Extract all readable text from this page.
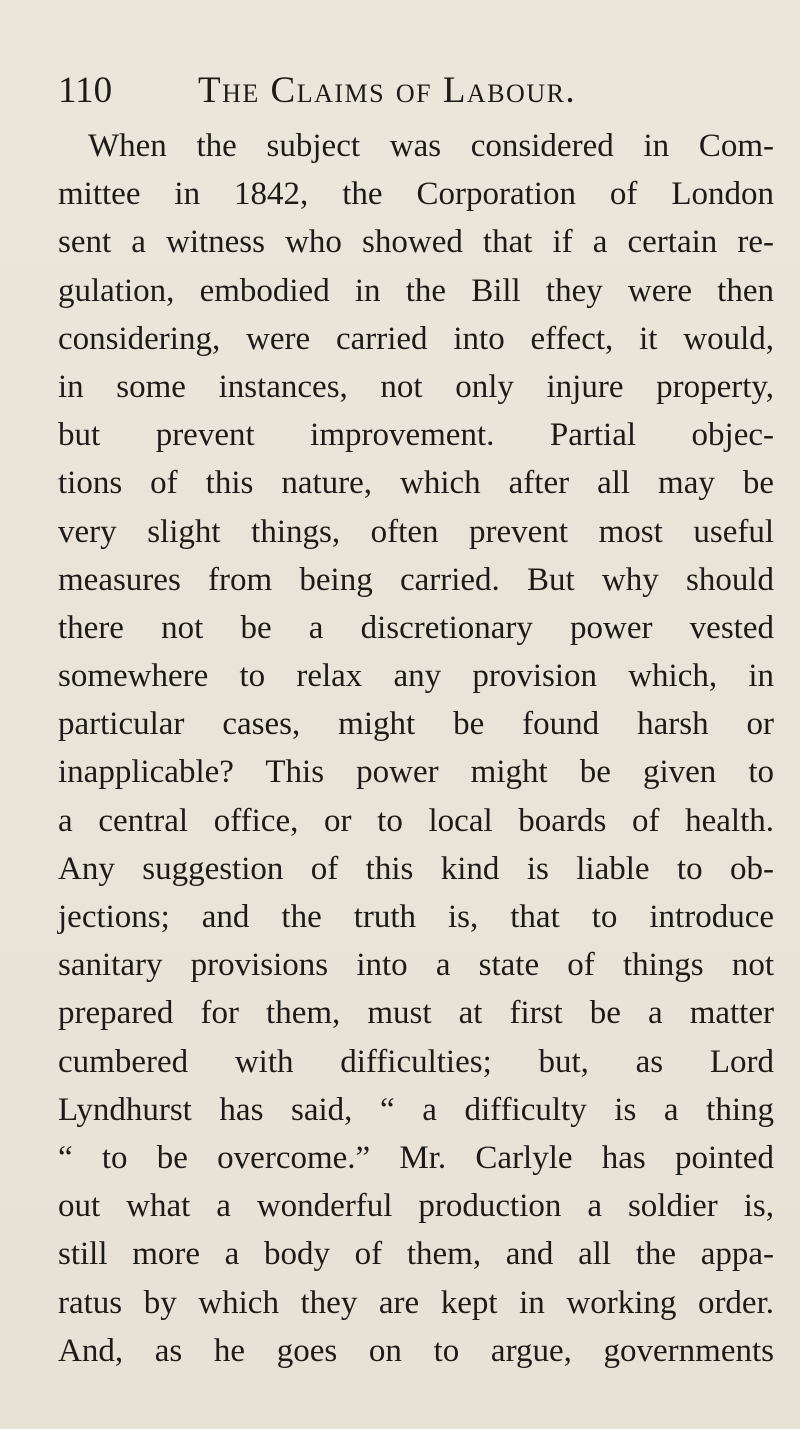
110 The Claims of Labour.
When the subject was considered in Com-
mittee in 1842, the Corporation of London
sent a witness who showed that if a certain re-
gulation, embodied in the Bill they were then
considering, were carried into effect, it would,
in some instances, not only injure property,
but prevent improvement. Partial objec-
tions of this nature, which after all may be
very slight things, often prevent most useful
measures from being carried. But why should
there not be a discretionary power vested
somewhere to relax any provision which, in
particular cases, might be found harsh or
inapplicable? This power might be given to
a central office, or to local boards of health.
Any suggestion of this kind is liable to ob-
jections; and the truth is, that to introduce
sanitary provisions into a state of things not
prepared for them, must at first be a matter
cumbered with difficulties; but, as Lord
Lyndhurst has said, “ a difficulty is a thing
“ to be overcome.” Mr. Carlyle has pointed
out what a wonderful production a soldier is,
still more a body of them, and all the appa-
ratus by which they are kept in working order.
And, as he goes on to argue, governments
